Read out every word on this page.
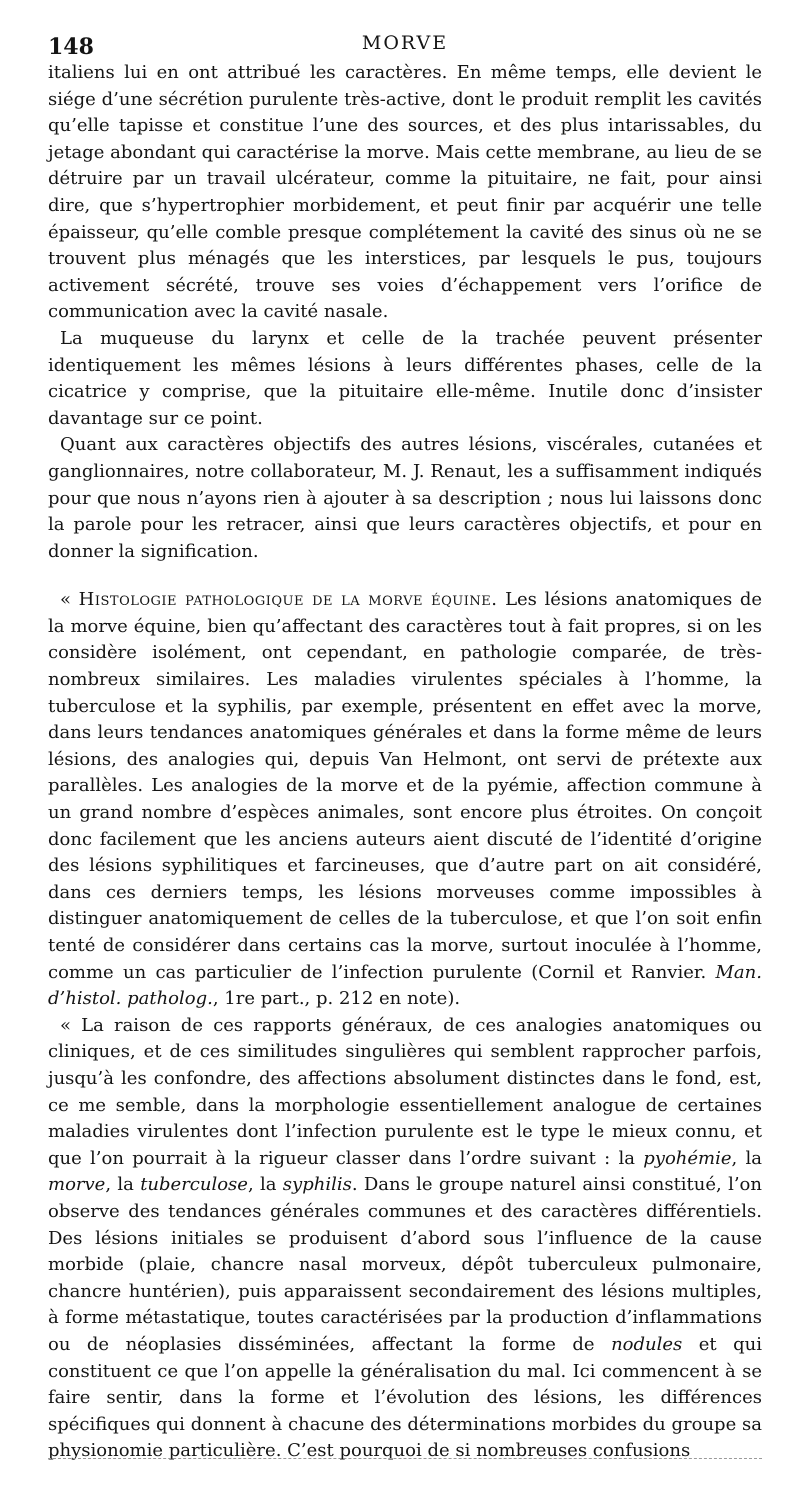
148	MORVE

italiens lui en ont attribué les caractères. En même temps, elle devient le siége d’une sécrétion purulente très-active, dont le produit remplit les cavités qu’elle tapisse et constitue l’une des sources, et des plus intarissables, du jetage abondant qui caractérise la morve. Mais cette membrane, au lieu de se détruire par un travail ulcérateur, comme la pituitaire, ne fait, pour ainsi dire, que s’hypertrophier morbidement, et peut finir par acquérir une telle épaisseur, qu’elle comble presque complétement la cavité des sinus où ne se trouvent plus ménagés que les interstices, par lesquels le pus, toujours activement sécrété, trouve ses voies d’échappement vers l’orifice de communication avec la cavité nasale.

La muqueuse du larynx et celle de la trachée peuvent présenter identiquement les mêmes lésions à leurs différentes phases, celle de la cicatrice y comprise, que la pituitaire elle-même. Inutile donc d’insister davantage sur ce point.

Quant aux caractères objectifs des autres lésions, viscérales, cutanées et ganglionnaires, notre collaborateur, M. J. Renaut, les a suffisamment indiqués pour que nous n’ayons rien à ajouter à sa description ; nous lui laissons donc la parole pour les retracer, ainsi que leurs caractères objectifs, et pour en donner la signification.

« Histologie pathologique de la morve équine. Les lésions anatomiques de la morve équine, bien qu’affectant des caractères tout à fait propres, si on les considère isolément, ont cependant, en pathologie comparée, de très-nombreux similaires. Les maladies virulentes spéciales à l’homme, la tuberculose et la syphilis, par exemple, présentent en effet avec la morve, dans leurs tendances anatomiques générales et dans la forme même de leurs lésions, des analogies qui, depuis Van Helmont, ont servi de prétexte aux parallèles. Les analogies de la morve et de la pyémie, affection commune à un grand nombre d’espèces animales, sont encore plus étroites. On conçoit donc facilement que les anciens auteurs aient discuté de l’identité d’origine des lésions syphilitiques et farcineuses, que d’autre part on ait considéré, dans ces derniers temps, les lésions morveuses comme impossibles à distinguer anatomiquement de celles de la tuberculose, et que l’on soit enfin tenté de considérer dans certains cas la morve, surtout inoculée à l’homme, comme un cas particulier de l’infection purulente (Cornil et Ranvier. Man. d’histol. patholog., 1re part., p. 212 en note).

« La raison de ces rapports généraux, de ces analogies anatomiques ou cliniques, et de ces similitudes singulières qui semblent rapprocher parfois, jusqu’à les confondre, des affections absolument distinctes dans le fond, est, ce me semble, dans la morphologie essentiellement analogue de certaines maladies virulentes dont l’infection purulente est le type le mieux connu, et que l’on pourrait à la rigueur classer dans l’ordre suivant : la pyohémie, la morve, la tuberculose, la syphilis. Dans le groupe naturel ainsi constitué, l’on observe des tendances générales communes et des caractères différentiels. Des lésions initiales se produisent d’abord sous l’influence de la cause morbide (plaie, chancre nasal morveux, dépôt tuberculeux pulmonaire, chancre huntérien), puis apparaissent secondairement des lésions multiples, à forme métastatique, toutes caractérisées par la production d’inflammations ou de néoplasies disséminées, affectant la forme de nodules et qui constituent ce que l’on appelle la généralisation du mal. Ici commencent à se faire sentir, dans la forme et l’évolution des lésions, les différences spécifiques qui donnent à chacune des déterminations morbides du groupe sa physionomie particulière. C’est pourquoi de si nombreuses confusions
